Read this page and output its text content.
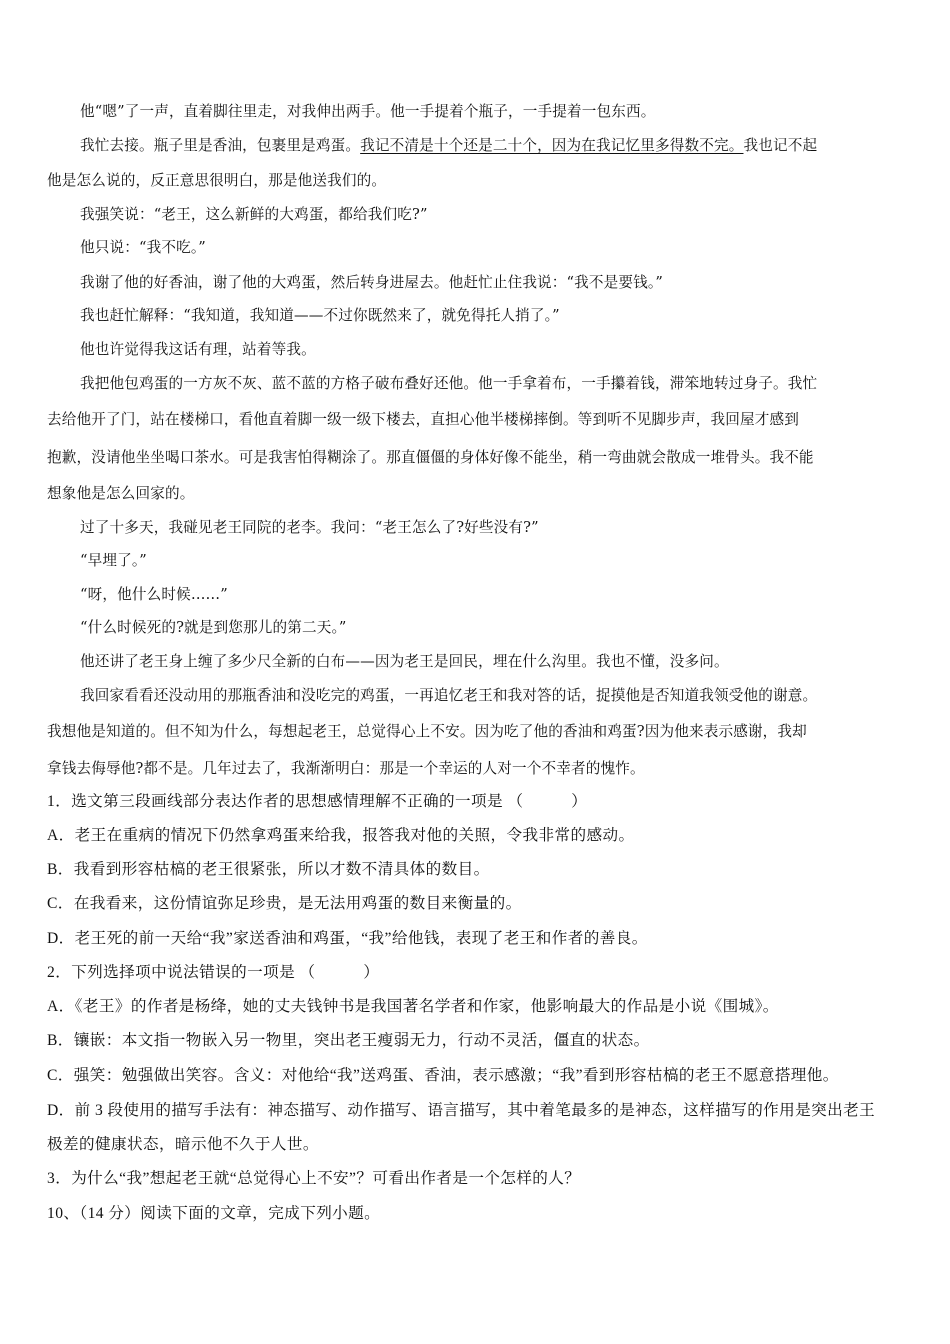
他“嗯”了一声，直着脚往里走，对我伸出两手。他一手提着个瓶子，一手提着一包东西。
我忙去接。瓶子里是香油，包裹里是鸡蛋。我记不清是十个还是二十个，因为在我记忆里多得数不完。我也记不起
他是怎么说的，反正意思很明白，那是他送我们的。
我强笑说：“老王，这么新鲜的大鸡蛋，都给我们吃?”
他只说：“我不吃。”
我谢了他的好香油，谢了他的大鸡蛋，然后转身进屋去。他赶忙止住我说：“我不是要钱。”
我也赶忙解释：“我知道，我知道——不过你既然来了，就免得托人捎了。”
他也许觉得我这话有理，站着等我。
我把他包鸡蛋的一方灰不灰、蓝不蓝的方格子破布叠好还他。他一手拿着布，一手攥着钱，滞笨地转过身子。我忙
去给他开了门，站在楼梯口，看他直着脚一级一级下楼去，直担心他半楼梯摔倒。等到听不见脚步声，我回屋才感到
抱歉，没请他坐坐喝口茶水。可是我害怕得糊涂了。那直僵僵的身体好像不能坐，稍一弯曲就会散成一堆骨头。我不能
想象他是怎么回家的。
过了十多天，我碰见老王同院的老李。我问：“老王怎么了?好些没有?”
“早埋了。”
“呀，他什么时候……”
“什么时候死的?就是到您那儿的第二天。”
他还讲了老王身上缠了多少尺全新的白布——因为老王是回民，埋在什么沟里。我也不懂，没多问。
我回家看看还没动用的那瓶香油和没吃完的鸡蛋，一再追忆老王和我对答的话，捉摸他是否知道我领受他的谢意。
我想他是知道的。但不知为什么，每想起老王，总觉得心上不安。因为吃了他的香油和鸡蛋?因为他来表示感谢，我却
拿钱去侮辱他?都不是。几年过去了，我渐渐明白：那是一个幸运的人对一个不幸者的愧怍。
1．选文第三段画线部分表达作者的思想感情理解不正确的一项是 （　　　）
A．老王在重病的情况下仍然拿鸡蛋来给我，报答我对他的关照，令我非常的感动。
B．我看到形容枯槁的老王很紧张，所以才数不清具体的数目。
C．在我看来，这份情谊弥足珍贵，是无法用鸡蛋的数目来衡量的。
D．老王死的前一天给“我”家送香油和鸡蛋，“我”给他钱，表现了老王和作者的善良。
2．下列选择项中说法错误的一项是 （　　　）
A．《老王》的作者是杨绛，她的丈夫钱钟书是我国著名学者和作家，他影响最大的作品是小说《围城》。
B．镶嵌：本文指一物嵌入另一物里，突出老王瘦弱无力，行动不灵活，僵直的状态。
C．强笑：勉强做出笑容。含义：对他给“我”送鸡蛋、香油，表示感激；“我”看到形容枯槁的老王不愿意搭理他。
D．前 3 段使用的描写手法有：神态描写、动作描写、语言描写，其中着笔最多的是神态，这样描写的作用是突出老王
极差的健康状态，暗示他不久于人世。
3．为什么“我”想起老王就“总觉得心上不安”？可看出作者是一个怎样的人？
10、（14 分）阅读下面的文章，完成下列小题。
